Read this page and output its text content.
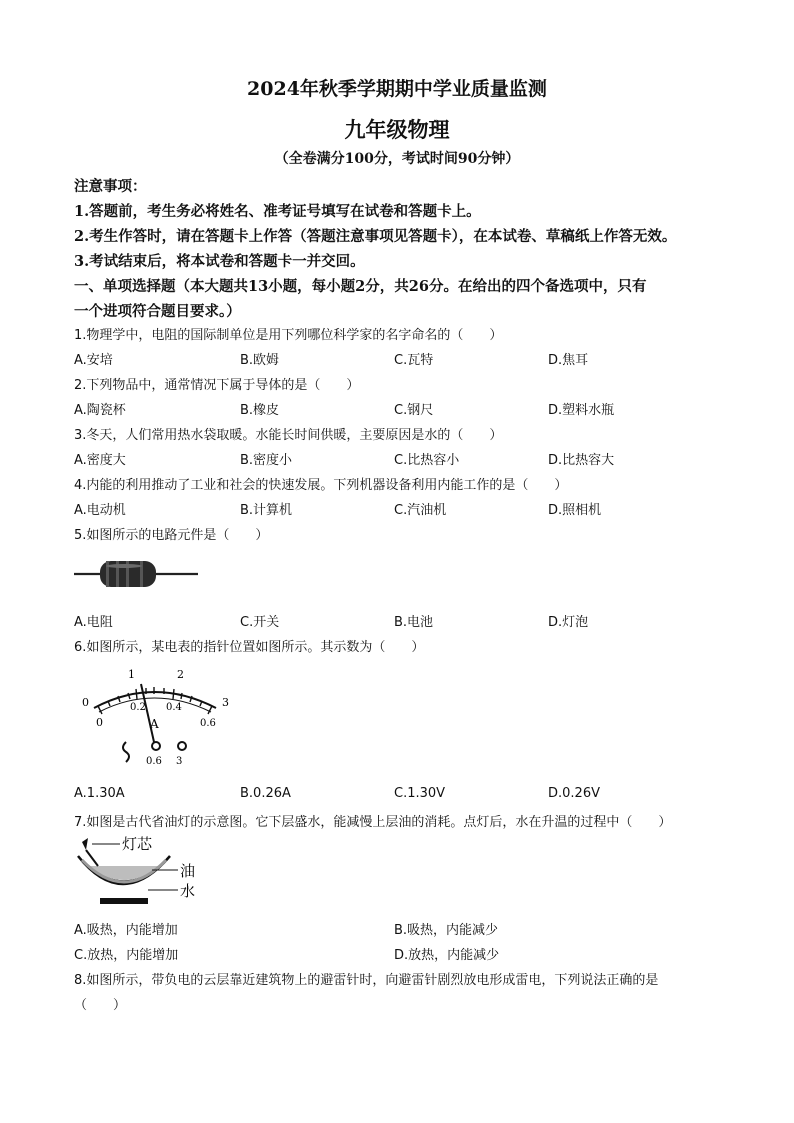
2024年秋季学期期中学业质量监测
九年级物理
（全卷满分100分，考试时间90分钟）
注意事项：
1.答题前，考生务必将姓名、准考证号填写在试卷和答题卡上。
2.考生作答时，请在答题卡上作答（答题注意事项见答题卡），在本试卷、草稿纸上作答无效。
3.考试结束后，将本试卷和答题卡一并交回。
一、单项选择题（本大题共13小题，每小题2分，共26分。在给出的四个备选项中，只有
一个进项符合题目要求。）
1.物理学中，电阻的国际制单位是用下列哪位科学家的名字命名的（　　）
A.安培	B.欧姆	C.瓦特	D.焦耳
2.下列物品中，通常情况下属于导体的是（　　）
A.陶瓷杯	B.橡皮	C.钢尺	D.塑料水瓶
3.冬天，人们常用热水袋取暖。水能长时间供暖，主要原因是水的（　　）
A.密度大	B.密度小	C.比热容小	D.比热容大
4.内能的利用推动了工业和社会的快速发展。下列机器设备利用内能工作的是（　　）
A.电动机	B.计算机	C.汽油机	D.照相机
5.如图所示的电路元件是（　　）
A.电阻	C.开关	B.电池	D.灯泡
6.如图所示，某电表的指针位置如图所示。其示数为（　　）
0
1	2
3
0
0.2 0.4
0.6
A
0.6 3
A.1.30A	B.0.26A	C.1.30V	D.0.26V
7.如图是古代省油灯的示意图。它下层盛水，能减慢上层油的消耗。点灯后，水在升温的过程中（　　）
灯芯
油
水
A.吸热，内能增加	B.吸热，内能减少
C.放热，内能增加	D.放热，内能减少
8.如图所示，带负电的云层靠近建筑物上的避雷针时，向避雷针剧烈放电形成雷电，下列说法正确的是
（　　）
